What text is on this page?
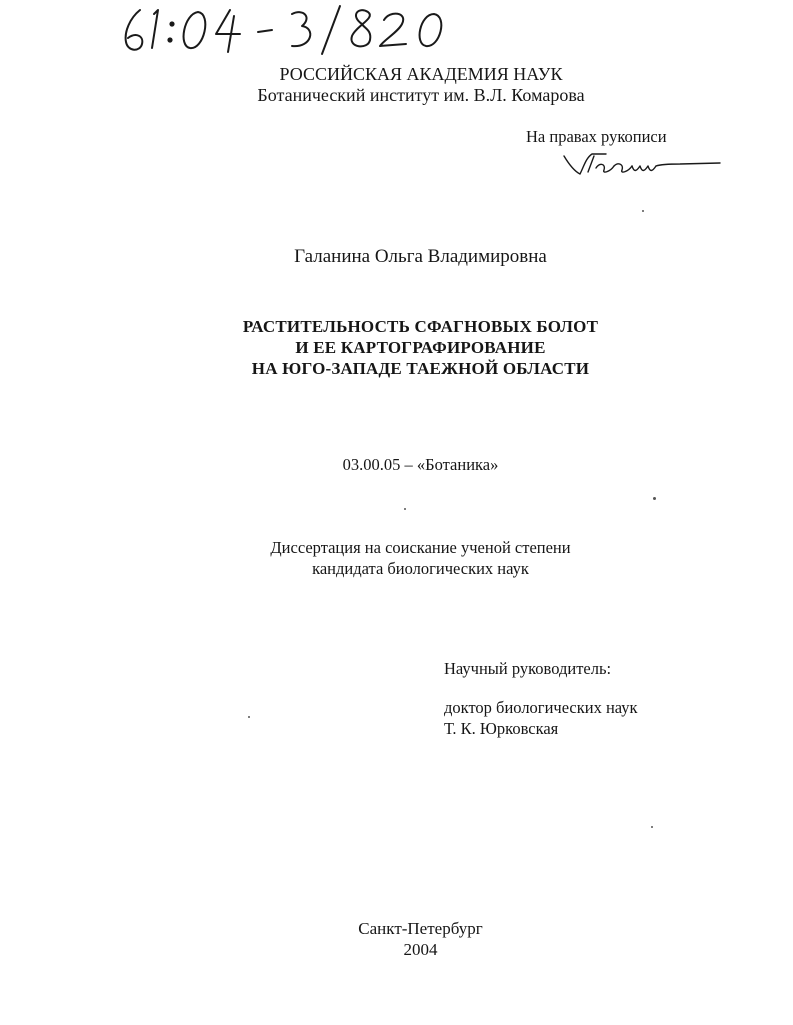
РОССИЙСКАЯ АКАДЕМИЯ НАУК
Ботанический институт им. В.Л. Комарова
На правах рукописи
Галанина Ольга Владимировна
РАСТИТЕЛЬНОСТЬ СФАГНОВЫХ БОЛОТ
И ЕЕ КАРТОГРАФИРОВАНИЕ
НА ЮГО-ЗАПАДЕ ТАЕЖНОЙ ОБЛАСТИ
03.00.05 – «Ботаника»
Диссертация на соискание ученой степени
кандидата биологических наук
Научный руководитель:
доктор биологических наук
Т. К. Юрковская
Санкт-Петербург
2004
